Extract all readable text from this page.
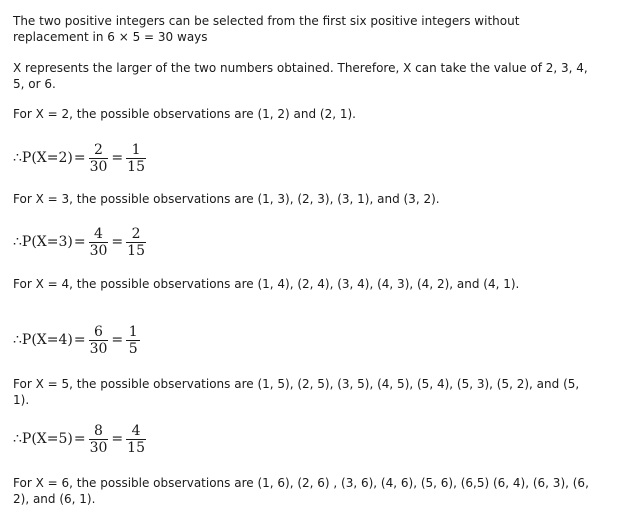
The two positive integers can be selected from the first six positive integers without replacement in 6 × 5 = 30 ways

X represents the larger of the two numbers obtained. Therefore, X can take the value of 2, 3, 4, 5, or 6.

For X = 2, the possible observations are (1, 2) and (2, 1).

∴P(X=2) = $\frac{2}{30} = \frac{1}{15}$

For X = 3, the possible observations are (1, 3), (2, 3), (3, 1), and (3, 2).

∴P(X=3) = $\frac{4}{30} = \frac{2}{15}$

For X = 4, the possible observations are (1, 4), (2, 4), (3, 4), (4, 3), (4, 2), and (4, 1).

∴P(X=4) = $\frac{6}{30} = \frac{1}{5}$

For X = 5, the possible observations are (1, 5), (2, 5), (3, 5), (4, 5), (5, 4), (5, 3), (5, 2), and (5, 1).

∴P(X=5) = $\frac{8}{30} = \frac{4}{15}$

For X = 6, the possible observations are (1, 6), (2, 6) , (3, 6), (4, 6), (5, 6), (6,5) (6, 4), (6, 3), (6, 2), and (6, 1).
